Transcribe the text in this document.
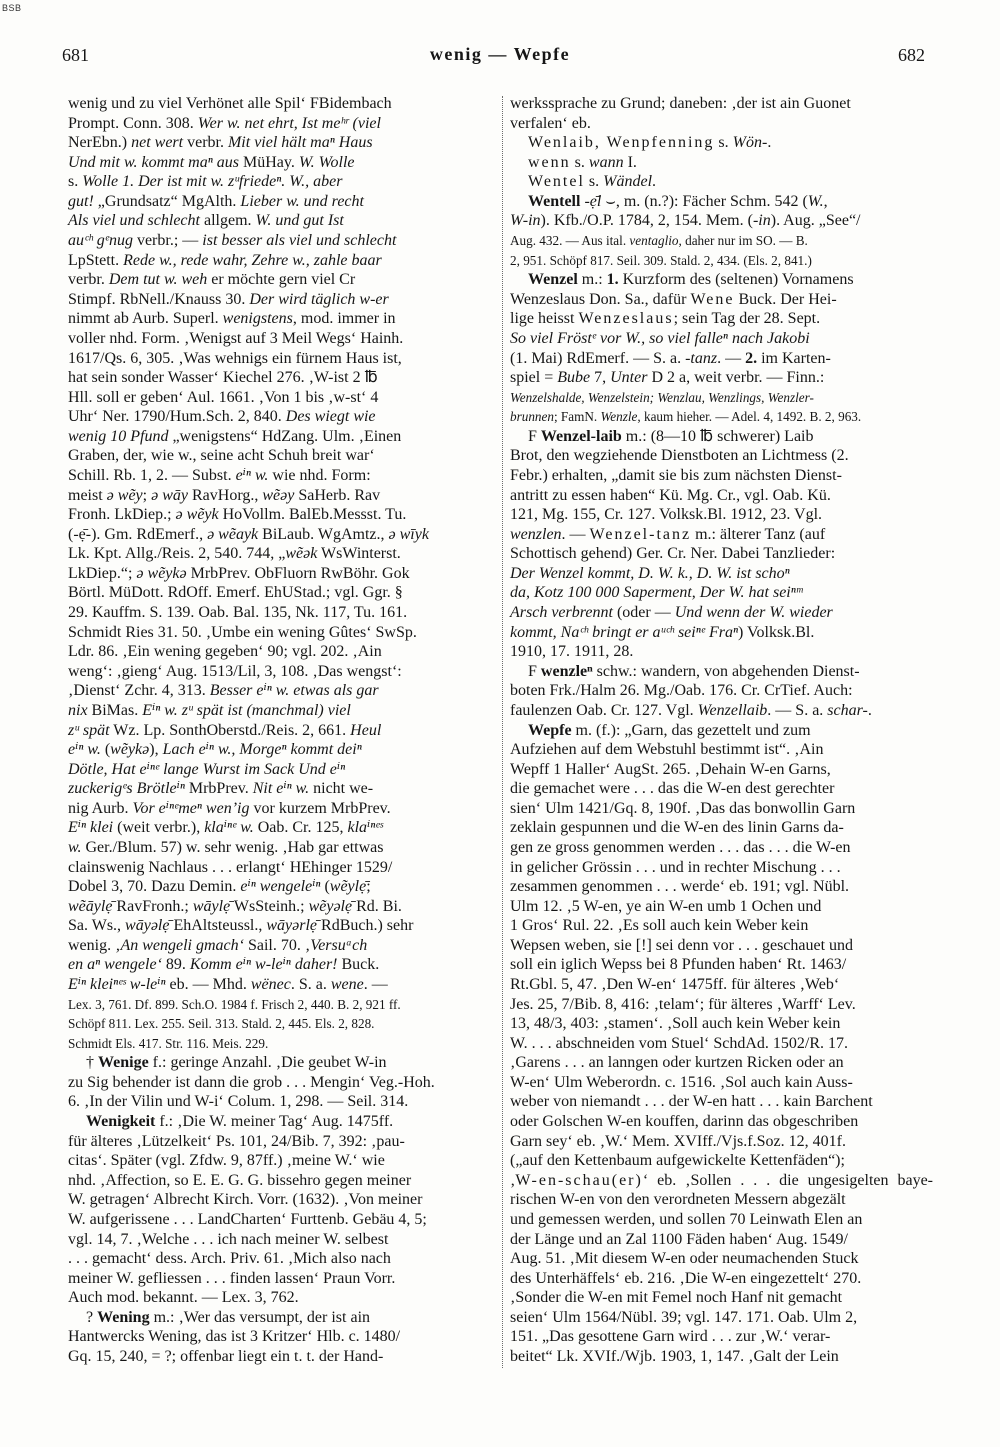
BSB
681	wenig — Wepfe	682
wenig und zu viel Verhönet alle Spil‘ FBidembach
Prompt. Conn. 308. Wer w. net ehrt, Ist meʰʳ (viel
NerEbn.) net wert verbr. Mit viel hält maⁿ Haus
Und mit w. kommt maⁿ aus MüHay. W. Wolle
s. Wolle 1. Der ist mit w. zᵘfriedeⁿ. W., aber
gut! „Grundsatz“ MgAlth. Lieber w. und recht
Als viel und schlecht allgem. W. und gut Ist
auᶜʰ gᵉnug verbr.; — ist besser als viel und schlecht
LpStett. Rede w., rede wahr, Zehre w., zahle baar
verbr. Dem tut w. weh er möchte gern viel Cr
Stimpf. RbNell./Knauss 30. Der wird täglich w-er
nimmt ab Aurb. Superl. wenigstens, mod. immer in
voller nhd. Form. ‚Wenigst auf 3 Meil Wegs‘ Hainh.
1617/Qs. 6, 305. ‚Was wehnigs ein fürnem Haus ist,
hat sein sonder Wasser‘ Kiechel 276. ‚W-ist 2 ℔
Hll. soll er geben‘ Aul. 1661. ‚Von 1 bis ‚w-st‘ 4
Uhr‘ Ner. 1790/Hum.Sch. 2, 840. Des wiegt wie
wenig 10 Pfund „wenigstens“ HdZang. Ulm. ‚Einen
Graben, der, wie w., seine acht Schuh breit war‘
Schill. Rb. 1, 2. — Subst. eⁱⁿ w. wie nhd. Form:
meist ə wẽy; ə wāy RavHorg., wẽəy SaHerb. Rav
Fronh. LkDiep.; ə wẽyk HoVollm. BalEb.Messst. Tu.
(-ẹ̄-). Gm. RdEmerf., ə wẽayk BiLaub. WgAmtz., ə wīyk
Lk. Kpt. Allg./Reis. 2, 540. 744, „wẽək WsWinterst.
LkDiep.“; ə wẽykə MrbPrev. ObFluorn RwBöhr. Gok
Börtl. MüDott. RdOff. Emerf. EhUStad.; vgl. Ggr. §
29. Kauffm. S. 139. Oab. Bal. 135, Nk. 117, Tu. 161.
Schmidt Ries 31. 50. ‚Umbe ein wening Gûtes‘ SwSp.
Ldr. 86. ‚Ein wening gegeben‘ 90; vgl. 202. ‚Ain
weng‘: ‚gieng‘ Aug. 1513/Lil, 3, 108. ‚Das wengst‘:
‚Dienst‘ Zchr. 4, 313. Besser eⁱⁿ w. etwas als gar
nix BiMas. Eⁱⁿ w. zᵘ spät ist (manchmal) viel
zᵘ spät Wz. Lp. SonthOberstd./Reis. 2, 661. Heul
eⁱⁿ w. (wẽykə), Lach eⁱⁿ w., Morgeⁿ kommt deiⁿ
Dötle, Hat eⁱⁿᵉ lange Wurst im Sack Und eⁱⁿ
zuckerigᵉs Brötleⁱⁿ MrbPrev. Nit eⁱⁿ w. nicht we-
nig Aurb. Vor eⁱⁿᵉmeⁿ wen’ig vor kurzem MrbPrev.
Eⁱⁿ klei (weit verbr.), klaⁱⁿᵉ w. Oab. Cr. 125, klaⁱⁿᵉˢ
w. Ger./Blum. 57) w. sehr wenig. ‚Hab gar ettwas
clainswenig Nachlaus . . . erlangt‘ HEhinger 1529/
Dobel 3, 70. Dazu Demin. eⁱⁿ wengeleⁱⁿ (wẽylẹ̄;
wẽāylẹ̄ RavFronh.; wāylẹ̄ WsSteinh.; wẽyəlẹ̄ Rd. Bi.
Sa. Ws., wāyəlẹ̄ EhAltsteussl., wāyərlẹ̄ RdBuch.) sehr
wenig. ‚An wengeli gmach‘ Sail. 70. ‚Versuᵃch
en aⁿ wengele‘ 89. Komm eⁱⁿ w-leⁱⁿ daher! Buck.
Eⁱⁿ kleiⁿᵉˢ w-leⁱⁿ eb. — Mhd. wënec. S. a. wene. —
Lex. 3, 761. Df. 899. Sch.O. 1984 f. Frisch 2, 440. B. 2, 921 ff.
Schöpf 811. Lex. 255. Seil. 313. Stald. 2, 445. Els. 2, 828.
Schmidt Els. 417. Str. 116. Meis. 229.
† Wenige f.: geringe Anzahl. ‚Die geubet W-in
zu Sig behender ist dann die grob . . . Mengin‘ Veg.-Hoh.
6. ‚In der Vilin und W-i‘ Colum. 1, 298. — Seil. 314.
Wenigkeit f.: ‚Die W. meiner Tag‘ Aug. 1475ff.
für älteres ‚Lützelkeit‘ Ps. 101, 24/Bib. 7, 392: ‚pau-
citas‘. Später (vgl. Zfdw. 9, 87ff.) ‚meine W.‘ wie
nhd. ‚Affection, so E. E. G. G. bissehro gegen meiner
W. getragen‘ Albrecht Kirch. Vorr. (1632). ‚Von meiner
W. aufgerissene . . . LandCharten‘ Furttenb. Gebäu 4, 5;
vgl. 14, 7. ‚Welche . . . ich nach meiner W. selbest
. . . gemacht‘ dess. Arch. Priv. 61. ‚Mich also nach
meiner W. gefliessen . . . finden lassen‘ Praun Vorr.
Auch mod. bekannt. — Lex. 3, 762.
? Wening m.: ‚Wer das versumpt, der ist ain
Hantwercks Wening, das ist 3 Kritzer‘ Hlb. c. 1480/
Gq. 15, 240, = ?; offenbar liegt ein t. t. der Hand-
werkssprache zu Grund; daneben: ‚der ist ain Guonet
verfalen‘ eb.
Wenlaib, Wenpfenning s. Wön-.
wenn s. wann I.
Wentel s. Wändel.
Wentell -ẹ̄l ⌣, m. (n.?): Fächer Schm. 542 (W.,
W-in). Kfb./O.P. 1784, 2, 154. Mem. (-in). Aug. „See“/
Aug. 432. — Aus ital. ventaglio, daher nur im SO. — B.
2, 951. Schöpf 817. Seil. 309. Stald. 2, 434. (Els. 2, 841.)
Wenzel m.: 1. Kurzform des (seltenen) Vornamens
Wenzeslaus Don. Sa., dafür Wene Buck. Der Hei-
lige heisst Wenzeslaus; sein Tag der 28. Sept.
So viel Fröstᵉ vor W., so viel falleⁿ nach Jakobi
(1. Mai) RdEmerf. — S. a. -tanz. — 2. im Karten-
spiel = Bube 7, Unter D 2 a, weit verbr. — Finn.:
Wenzelshalde, Wenzelstein; Wenzlau, Wenzlings, Wenzler-
brunnen; FamN. Wenzle, kaum hieher. — Adel. 4, 1492. B. 2, 963.
F Wenzel-laib m.: (8—10 ℔ schwerer) Laib
Brot, den wegziehende Dienstboten an Lichtmess (2.
Febr.) erhalten, „damit sie bis zum nächsten Dienst-
antritt zu essen haben“ Kü. Mg. Cr., vgl. Oab. Kü.
121, Mg. 155, Cr. 127. Volksk.Bl. 1912, 23. Vgl.
wenzlen. — Wenzel-tanz m.: älterer Tanz (auf
Schottisch gehend) Ger. Cr. Ner. Dabei Tanzlieder:
Der Wenzel kommt, D. W. k., D. W. ist schoⁿ
da, Kotz 100 000 Saperment, Der W. hat seiⁿᵐ
Arsch verbrennt (oder — Und wenn der W. wieder
kommt, Naᶜʰ bringt er aᵘᶜʰ seiⁿᵉ Fraⁿ) Volksk.Bl.
1910, 17. 1911, 28.
F wenzleⁿ schw.: wandern, von abgehenden Dienst-
boten Frk./Halm 26. Mg./Oab. 176. Cr. CrTief. Auch:
faulenzen Oab. Cr. 127. Vgl. Wenzellaib. — S. a. schar-.
Wepfe m. (f.): „Garn, das gezettelt und zum
Aufziehen auf dem Webstuhl bestimmt ist“. ‚Ain
Wepff 1 Haller‘ AugSt. 265. ‚Dehain W-en Garns,
die gemachet were . . . das die W-en dest gerechter
sien‘ Ulm 1421/Gq. 8, 190f. ‚Das das bonwollin Garn
zeklain gespunnen und die W-en des linin Garns da-
gen ze gross genommen werden . . . das . . . die W-en
in gelicher Grössin . . . und in rechter Mischung . . .
zesammen genommen . . . werde‘ eb. 191; vgl. Nübl.
Ulm 12. ‚5 W-en, ye ain W-en umb 1 Ochen und
1 Gros‘ Rul. 22. ‚Es soll auch kein Weber kein
Wepsen weben, sie [!] sei denn vor . . . geschauet und
soll ein iglich Wepss bei 8 Pfunden haben‘ Rt. 1463/
Rt.Gbl. 5, 47. ‚Den W-en‘ 1475ff. für älteres ‚Web‘
Jes. 25, 7/Bib. 8, 416: ‚telam‘; für älteres ‚Warff‘ Lev.
13, 48/3, 403: ‚stamen‘. ‚Soll auch kein Weber kein
W. . . . abschneiden vom Stuel‘ SchdAd. 1502/R. 17.
‚Garens . . . an lanngen oder kurtzen Ricken oder an
W-en‘ Ulm Weberordn. c. 1516. ‚Sol auch kain Auss-
weber von niemandt . . . der W-en hatt . . . kain Barchent
oder Golschen W-en kouffen, darinn das obgeschriben
Garn sey‘ eb. ‚W.‘ Mem. XVIff./Vjs.f.Soz. 12, 401f.
(„auf den Kettenbaum aufgewickelte Kettenfäden“);
‚W-en-schau(er)‘ eb. ‚Sollen . . . die ungesigelten baye-
rischen W-en von den verordneten Messern abgezält
und gemessen werden, und sollen 70 Leinwath Elen an
der Länge und an Zal 1100 Fäden haben‘ Aug. 1549/
Aug. 51. ‚Mit diesem W-en oder neumachenden Stuck
des Unterhäffels‘ eb. 216. ‚Die W-en eingezettelt‘ 270.
‚Sonder die W-en mit Femel noch Hanf nit gemacht
seien‘ Ulm 1564/Nübl. 39; vgl. 147. 171. Oab. Ulm 2,
151. „Das gesottene Garn wird . . . zur ‚W.‘ verar-
beitet“ Lk. XVIf./Wjb. 1903, 1, 147. ‚Galt der Lein
